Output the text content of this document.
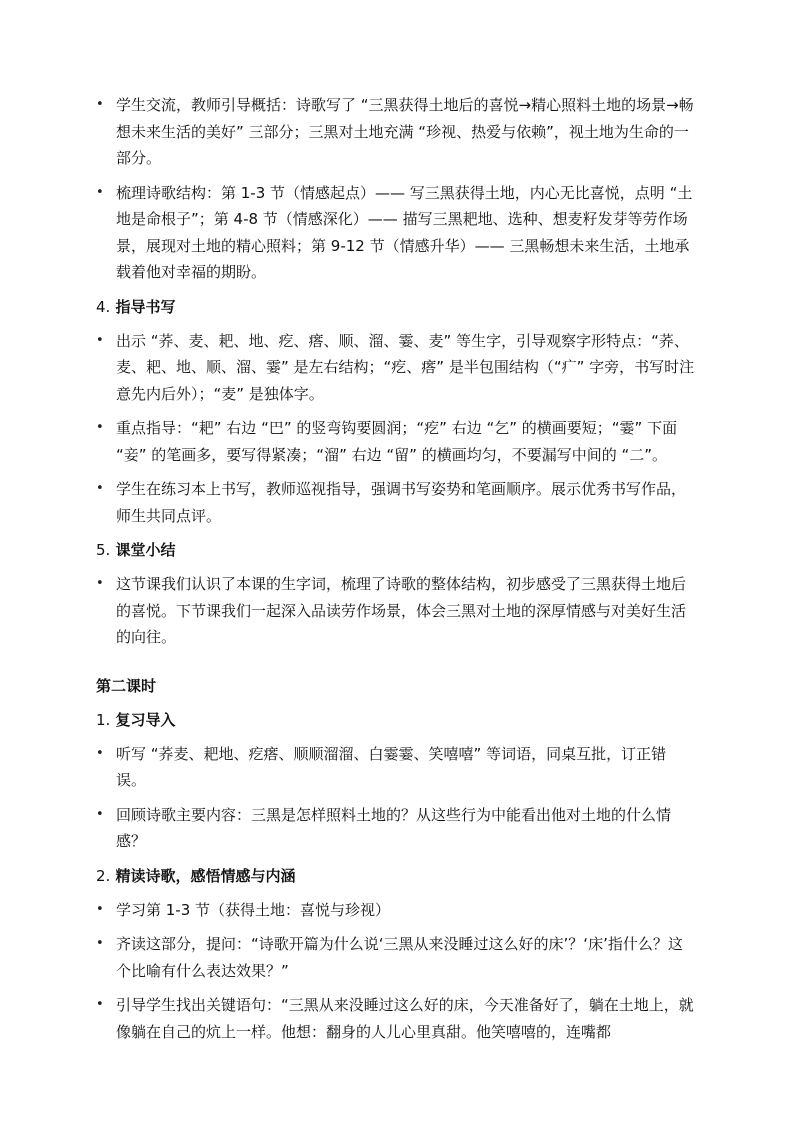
• 学生交流，教师引导概括：诗歌写了 “三黑获得土地后的喜悦→精心照料土地的场景→畅想未来生活的美好” 三部分；三黑对土地充满 “珍视、热爱与依赖”，视土地为生命的一部分。
• 梳理诗歌结构：第 1-3 节（情感起点）—— 写三黑获得土地，内心无比喜悦，点明 “土地是命根子”；第 4-8 节（情感深化）—— 描写三黑耙地、选种、想麦籽发芽等劳作场景，展现对土地的精心照料；第 9-12 节（情感升华）—— 三黑畅想未来生活，土地承载着他对幸福的期盼。
4. 指导书写
• 出示 “荞、麦、耙、地、疙、瘩、顺、溜、霎、麦” 等生字，引导观察字形特点：“荞、麦、耙、地、顺、溜、霎” 是左右结构；“疙、瘩” 是半包围结构（“疒” 字旁，书写时注意先内后外）；“麦” 是独体字。
• 重点指导：“耙” 右边 “巴” 的竖弯钩要圆润；“疙” 右边 “乞” 的横画要短；“霎” 下面 “妾” 的笔画多，要写得紧凑；“溜” 右边 “留” 的横画均匀，不要漏写中间的 “二”。
• 学生在练习本上书写，教师巡视指导，强调书写姿势和笔画顺序。展示优秀书写作品，师生共同点评。
5. 课堂小结
• 这节课我们认识了本课的生字词，梳理了诗歌的整体结构，初步感受了三黑获得土地后的喜悦。下节课我们一起深入品读劳作场景，体会三黑对土地的深厚情感与对美好生活的向往。
第二课时
1. 复习导入
• 听写 “荞麦、耙地、疙瘩、顺顺溜溜、白霎霎、笑嘻嘻” 等词语，同桌互批，订正错误。
• 回顾诗歌主要内容：三黑是怎样照料土地的？从这些行为中能看出他对土地的什么情感？
2. 精读诗歌，感悟情感与内涵
• 学习第 1-3 节（获得土地：喜悦与珍视）
• 齐读这部分，提问：“诗歌开篇为什么说‘三黑从来没睡过这么好的床’？‘床’指什么？这个比喻有什么表达效果？”
• 引导学生找出关键语句：“三黑从来没睡过这么好的床，今天准备好了，躺在土地上，就像躺在自己的炕上一样。他想：翻身的人儿心里真甜。他笑嘻嘻的，连嘴都
